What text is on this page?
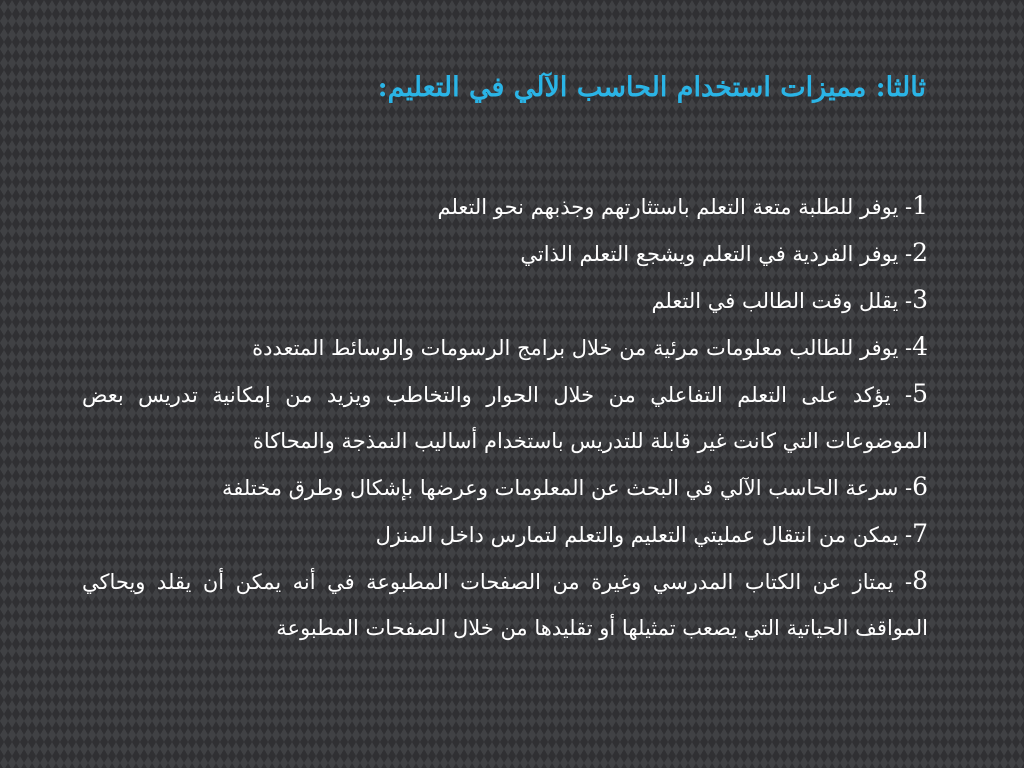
ثالثا: مميزات استخدام الحاسب الآلي في التعليم:

1- يوفر للطلبة متعة التعلم باستثارتهم وجذبهم نحو التعلم

2- يوفر الفردية في التعلم ويشجع التعلم الذاتي

3- يقلل وقت الطالب في التعلم

4- يوفر للطالب معلومات مرئية من خلال برامج الرسومات والوسائط المتعددة

5- يؤكد على التعلم التفاعلي من خلال الحوار والتخاطب ويزيد من إمكانية تدريس بعض الموضوعات التي كانت غير قابلة للتدريس باستخدام أساليب النمذجة والمحاكاة

6- سرعة الحاسب الآلي في البحث عن المعلومات وعرضها بإشكال وطرق مختلفة

7- يمكن من انتقال عمليتي التعليم والتعلم لتمارس داخل المنزل

8- يمتاز عن الكتاب المدرسي وغيرة من الصفحات المطبوعة في أنه يمكن أن يقلد ويحاكي المواقف الحياتية التي يصعب تمثيلها أو تقليدها من خلال الصفحات المطبوعة
